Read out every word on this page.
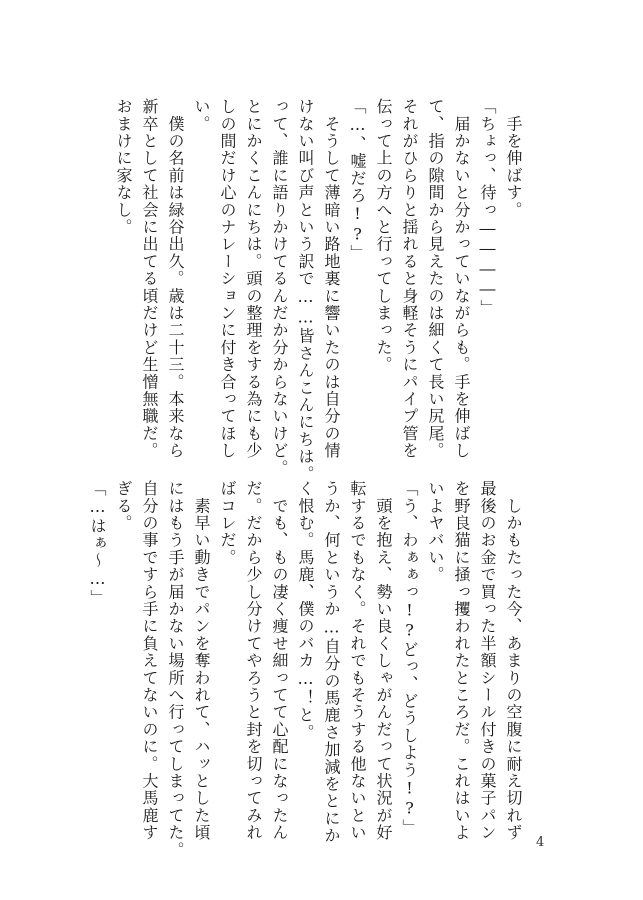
　手を伸ばす。
「ちょっ、待っ――――」
　届かないと分かっていながらも。手を伸ばし
て、指の隙間から見えたのは細くて長い尻尾。
それがひらりと揺れると身軽そうにパイプ管を
伝って上の方へと行ってしまった。
「…、嘘だろ!?」
　そうして薄暗い路地裏に響いたのは自分の情
けない叫び声という訳で……皆さんこんにちは。
って、誰に語りかけてるんだか分からないけど。
とにかくこんにちは。頭の整理をする為にも少
しの間だけ心のナレーションに付き合ってほし
い。
　僕の名前は緑谷出久。歳は二十三。本来なら
新卒として社会に出てる頃だけど生憎無職だ。
おまけに家なし。
　しかもたった今、あまりの空腹に耐え切れず
最後のお金で買った半額シール付きの菓子パン
を野良猫に掻っ攫われたところだ。これはいよ
いよヤバい。
「う、わぁぁっ!?どっ、どうしよう!?」
　頭を抱え、勢い良くしゃがんだって状況が好
転するでもなく。それでもそうする他ないとい
うか、何というか…自分の馬鹿さ加減をとにか
く恨む。馬鹿、僕のバカ…！と。
　でも、もの凄く痩せ細ってて心配になったん
だ。だから少し分けてやろうと封を切ってみれ
ばコレだ。
　素早い動きでパンを奪われて、ハッとした頃
にはもう手が届かない場所へ行ってしまってた。
自分の事ですら手に負えてないのに。大馬鹿す
ぎる。
「…はぁ～…」
4
